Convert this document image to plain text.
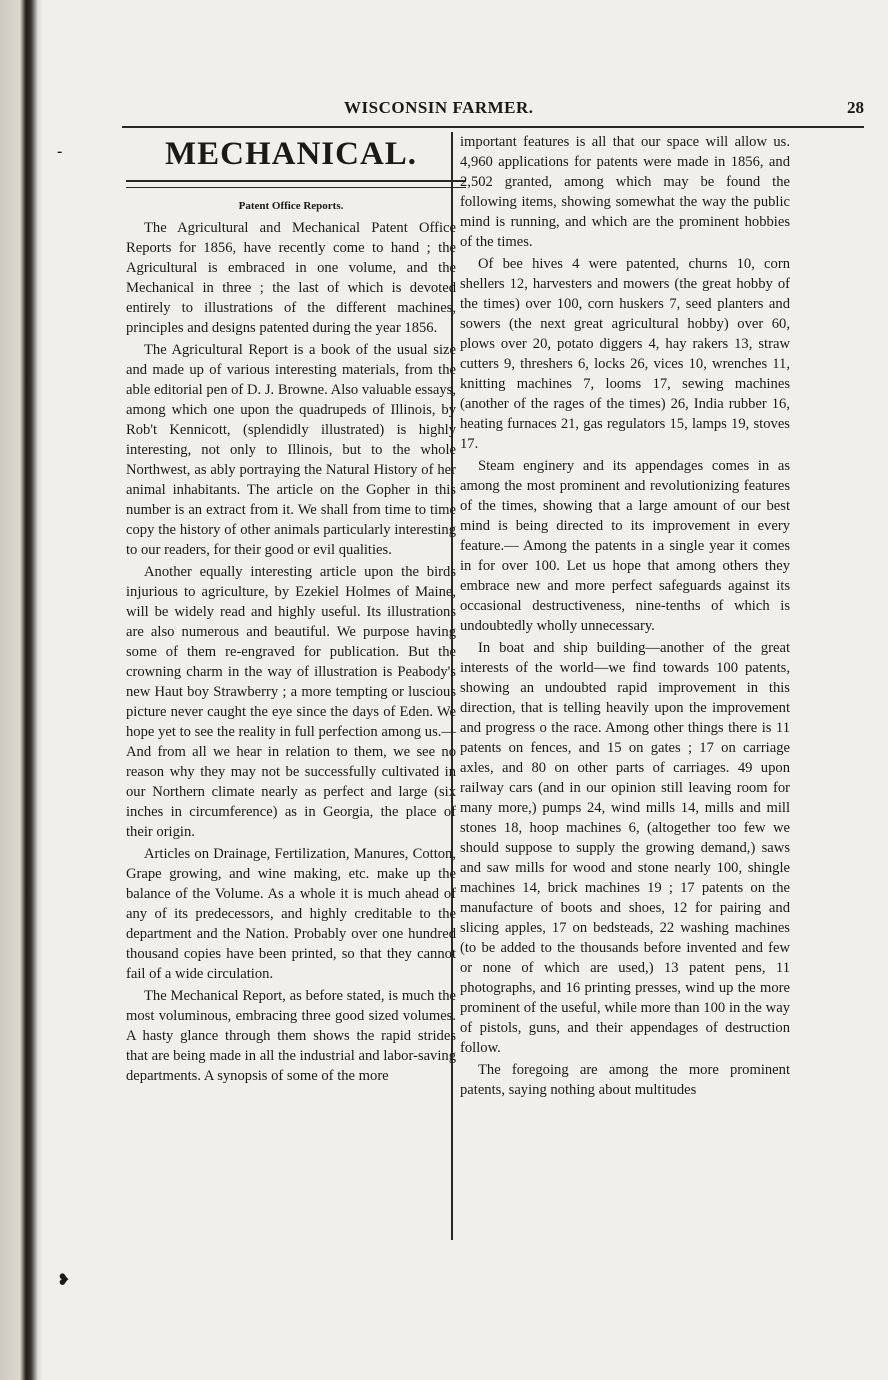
WISCONSIN FARMER.	28
MECHANICAL.
Patent Office Reports.

The Agricultural and Mechanical Patent Office Reports for 1856, have recently come to hand ; the Agricultural is embraced in one volume, and the Mechanical in three ; the last of which is devoted entirely to illustrations of the different machines, principles and designs patented during the year 1856.

The Agricultural Report is a book of the usual size and made up of various interesting materials, from the able editorial pen of D. J. Browne. Also valuable essays, among which one upon the quadrupeds of Illinois, by Rob't Kennicott, (splendidly illustrated) is highly interesting, not only to Illinois, but to the whole Northwest, as ably portraying the Natural History of her animal inhabitants. The article on the Gopher in this number is an extract from it. We shall from time to time copy the history of other animals particularly interesting to our readers, for their good or evil qualities.

Another equally interesting article upon the birds injurious to agriculture, by Ezekiel Holmes of Maine, will be widely read and highly useful. Its illustrations are also numerous and beautiful. We purpose having some of them re-engraved for publication. But the crowning charm in the way of illustration is Peabody's new Haut boy Strawberry ; a more tempting or luscious picture never caught the eye since the days of Eden. We hope yet to see the reality in full perfection among us.— And from all we hear in relation to them, we see no reason why they may not be successfully cultivated in our Northern climate nearly as perfect and large (six inches in circumference) as in Georgia, the place of their origin.

Articles on Drainage, Fertilization, Manures, Cotton, Grape growing, and wine making, etc. make up the balance of the Volume. As a whole it is much ahead of any of its predecessors, and highly creditable to the department and the Nation. Probably over one hundred thousand copies have been printed, so that they cannot fail of a wide circulation.

The Mechanical Report, as before stated, is much the most voluminous, embracing three good sized volumes. A hasty glance through them shows the rapid strides that are being made in all the industrial and labor-saving departments. A synopsis of some of the more

important features is all that our space will allow us. 4,960 applications for patents were made in 1856, and 2,502 granted, among which may be found the following items, showing somewhat the way the public mind is running, and which are the prominent hobbies of the times.

Of bee hives 4 were patented, churns 10, corn shellers 12, harvesters and mowers (the great hobby of the times) over 100, corn huskers 7, seed planters and sowers (the next great agricultural hobby) over 60, plows over 20, potato diggers 4, hay rakers 13, straw cutters 9, threshers 6, locks 26, vices 10, wrenches 11, knitting machines 7, looms 17, sewing machines (another of the rages of the times) 26, India rubber 16, heating furnaces 21, gas regulators 15, lamps 19, stoves 17.

Steam enginery and its appendages comes in as among the most prominent and revolutionizing features of the times, showing that a large amount of our best mind is being directed to its improvement in every feature.— Among the patents in a single year it comes in for over 100. Let us hope that among others they embrace new and more perfect safeguards against its occasional destructiveness, nine-tenths of which is undoubtedly wholly unnecessary.

In boat and ship building—another of the great interests of the world—we find towards 100 patents, showing an undoubted rapid improvement in this direction, that is telling heavily upon the improvement and progress o the race. Among other things there is 11 patents on fences, and 15 on gates ; 17 on carriage axles, and 80 on other parts of carriages. 49 upon railway cars (and in our opinion still leaving room for many more,) pumps 24, wind mills 14, mills and mill stones 18, hoop machines 6, (altogether too few we should suppose to supply the growing demand,) saws and saw mills for wood and stone nearly 100, shingle machines 14, brick machines 19 ; 17 patents on the manufacture of boots and shoes, 12 for pairing and slicing apples, 17 on bedsteads, 22 washing machines (to be added to the thousands before invented and few or none of which are used,) 13 patent pens, 11 photographs, and 16 printing presses, wind up the more prominent of the useful, while more than 100 in the way of pistols, guns, and their appendages of destruction follow.

The foregoing are among the more prominent patents, saying nothing about multitudes

-
❥
